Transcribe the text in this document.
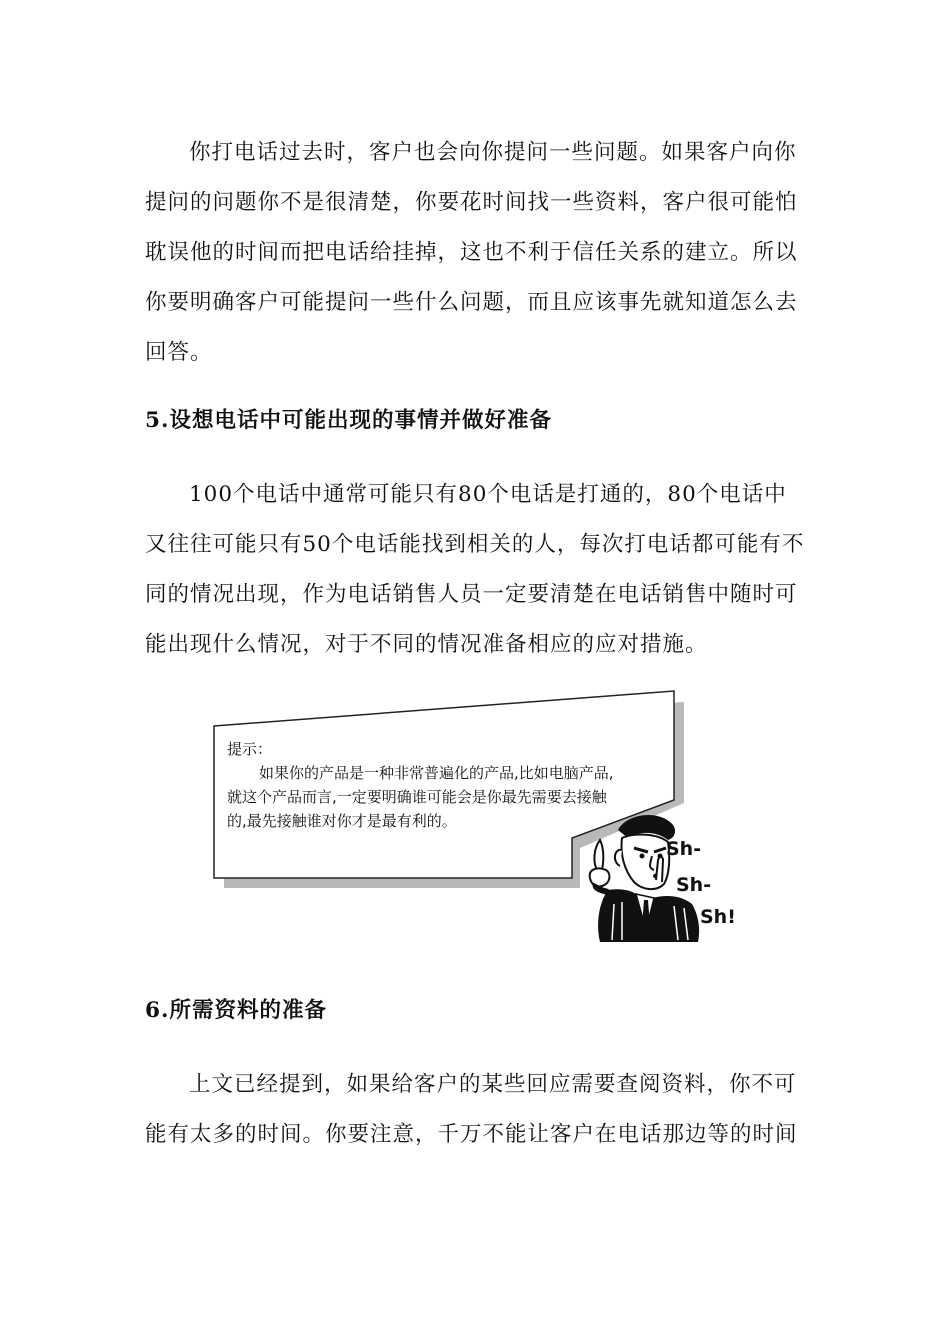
你打电话过去时，客户也会向你提问一些问题。如果客户向你
提问的问题你不是很清楚，你要花时间找一些资料，客户很可能怕
耽误他的时间而把电话给挂掉，这也不利于信任关系的建立。所以
你要明确客户可能提问一些什么问题，而且应该事先就知道怎么去
回答。

5.设想电话中可能出现的事情并做好准备

100个电话中通常可能只有80个电话是打通的，80个电话中
又往往可能只有50个电话能找到相关的人，每次打电话都可能有不
同的情况出现，作为电话销售人员一定要清楚在电话销售中随时可
能出现什么情况，对于不同的情况准备相应的应对措施。

提示：
如果你的产品是一种非常普遍化的产品,比如电脑产品,
就这个产品而言,一定要明确谁可能会是你最先需要去接触
的,最先接触谁对你才是最有利的。
Sh-
Sh-
Sh!
6.所需资料的准备

上文已经提到，如果给客户的某些回应需要查阅资料，你不可
能有太多的时间。你要注意，千万不能让客户在电话那边等的时间
